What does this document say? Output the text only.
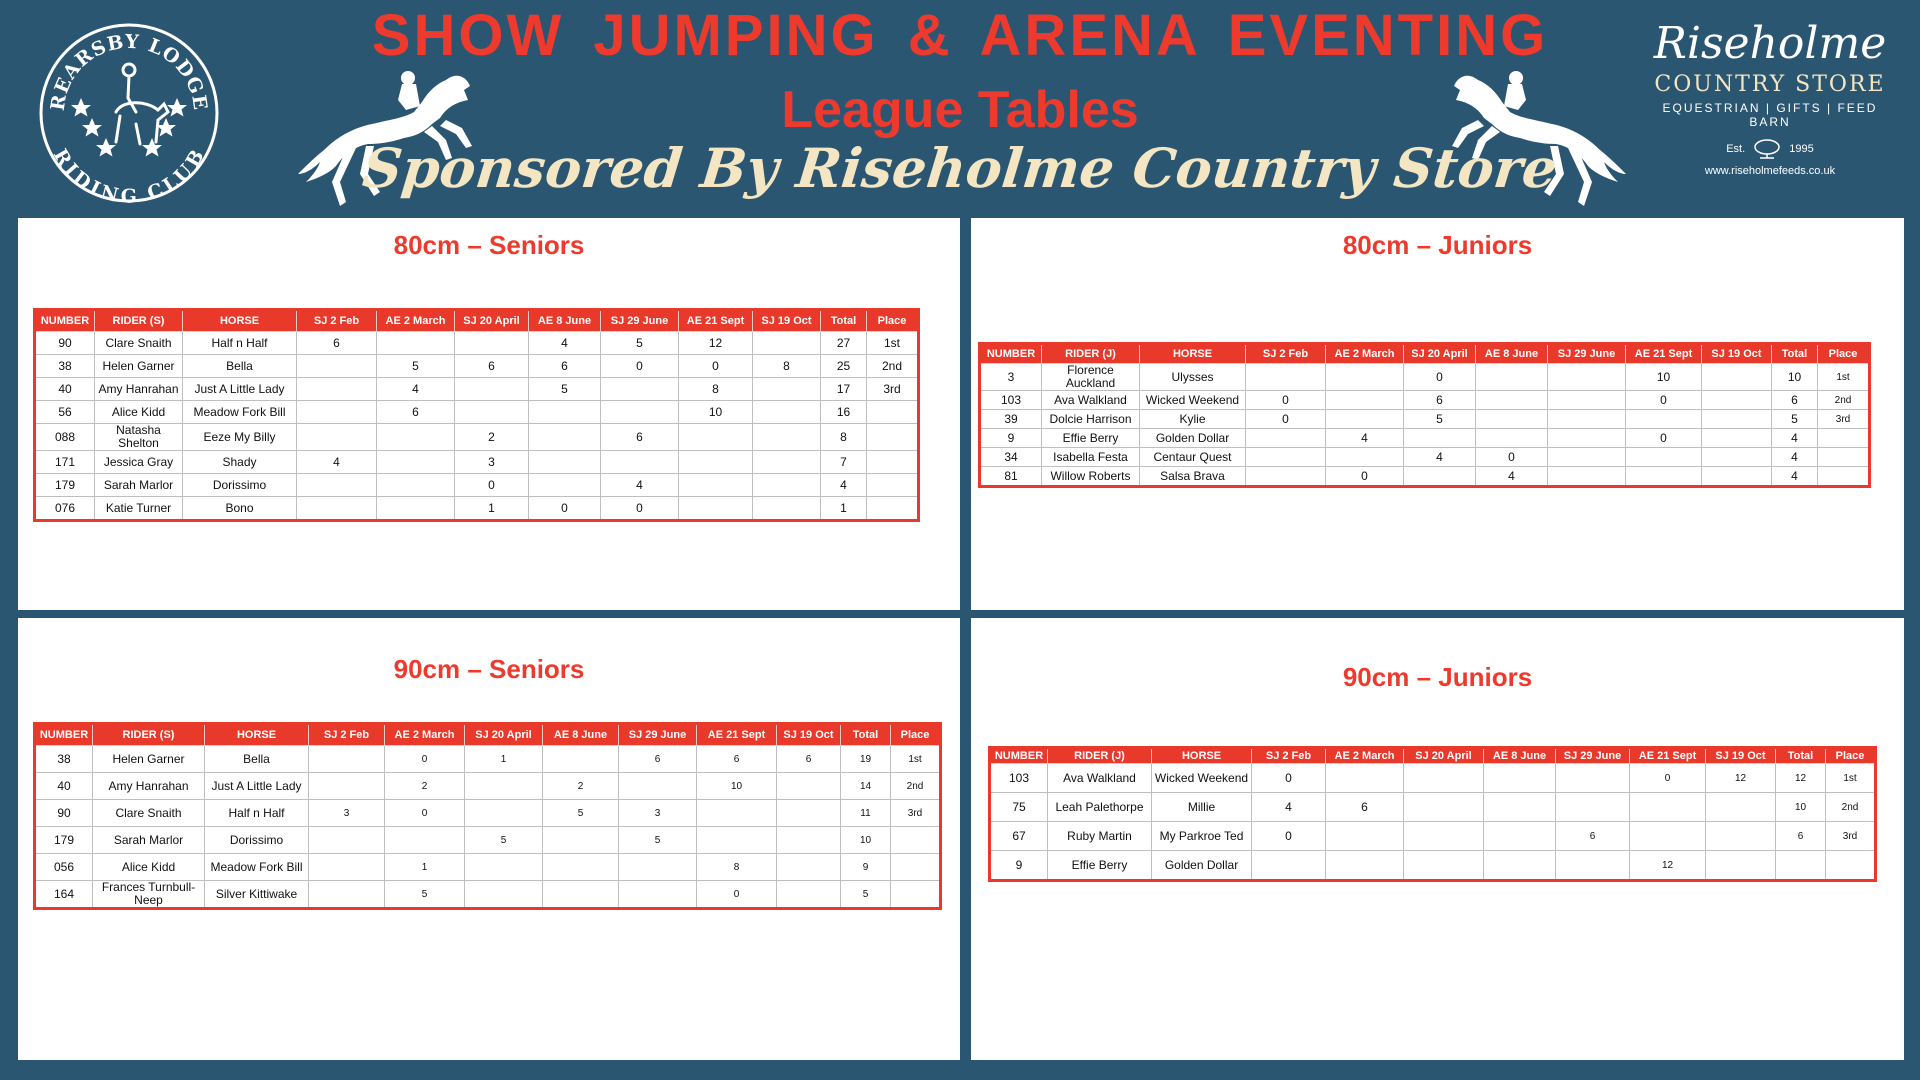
REARSBY LODGE
RIDING CLUB
SHOW JUMPING & ARENA EVENTING
League Tables
Sponsored By Riseholme Country Store
Riseholme
COUNTRY STORE
EQUESTRIAN | GIFTS | FEED BARN
Est.	1995
www.riseholmefeeds.co.uk
80cm – Seniors
NUMBER	RIDER (S)	HORSE	SJ 2 Feb	AE 2 March	SJ 20 April	AE 8 June	SJ 29 June	AE 21 Sept	SJ 19 Oct	Total	Place
90	Clare Snaith	Half n Half	6			4	5	12		27	1st
38	Helen Garner	Bella		5	6	6	0	0	8	25	2nd
40	Amy Hanrahan	Just A Little Lady		4		5		8		17	3rd
56	Alice Kidd	Meadow Fork Bill		6				10		16	
088	Natasha Shelton	Eeze My Billy			2		6			8	
171	Jessica Gray	Shady	4		3					7	
179	Sarah Marlor	Dorissimo			0		4			4	
076	Katie Turner	Bono			1	0	0			1	
80cm – Juniors
NUMBER	RIDER (J)	HORSE	SJ 2 Feb	AE 2 March	SJ 20 April	AE 8 June	SJ 29 June	AE 21 Sept	SJ 19 Oct	Total	Place
3	Florence Auckland	Ulysses			0			10		10	1st
103	Ava Walkland	Wicked Weekend	0		6			0		6	2nd
39	Dolcie Harrison	Kylie	0		5					5	3rd
9	Effie Berry	Golden Dollar		4				0		4	
34	Isabella Festa	Centaur Quest			4	0				4	
81	Willow Roberts	Salsa Brava		0		4				4	
90cm – Seniors
NUMBER	RIDER (S)	HORSE	SJ 2 Feb	AE 2 March	SJ 20 April	AE 8 June	SJ 29 June	AE 21 Sept	SJ 19 Oct	Total	Place
38	Helen Garner	Bella		0	1		6	6	6	19	1st
40	Amy Hanrahan	Just A Little Lady		2		2		10		14	2nd
90	Clare Snaith	Half n Half	3	0		5	3			11	3rd
179	Sarah Marlor	Dorissimo			5		5			10	
056	Alice Kidd	Meadow Fork Bill		1				8		9	
164	Frances Turnbull-Neep	Silver Kittiwake		5				0		5	
90cm – Juniors
NUMBER	RIDER (J)	HORSE	SJ 2 Feb	AE 2 March	SJ 20 April	AE 8 June	SJ 29 June	AE 21 Sept	SJ 19 Oct	Total	Place
103	Ava Walkland	Wicked Weekend	0					0	12	12	1st
75	Leah Palethorpe	Millie	4	6						10	2nd
67	Ruby Martin	My Parkroe Ted	0				6			6	3rd
9	Effie Berry	Golden Dollar						12			
